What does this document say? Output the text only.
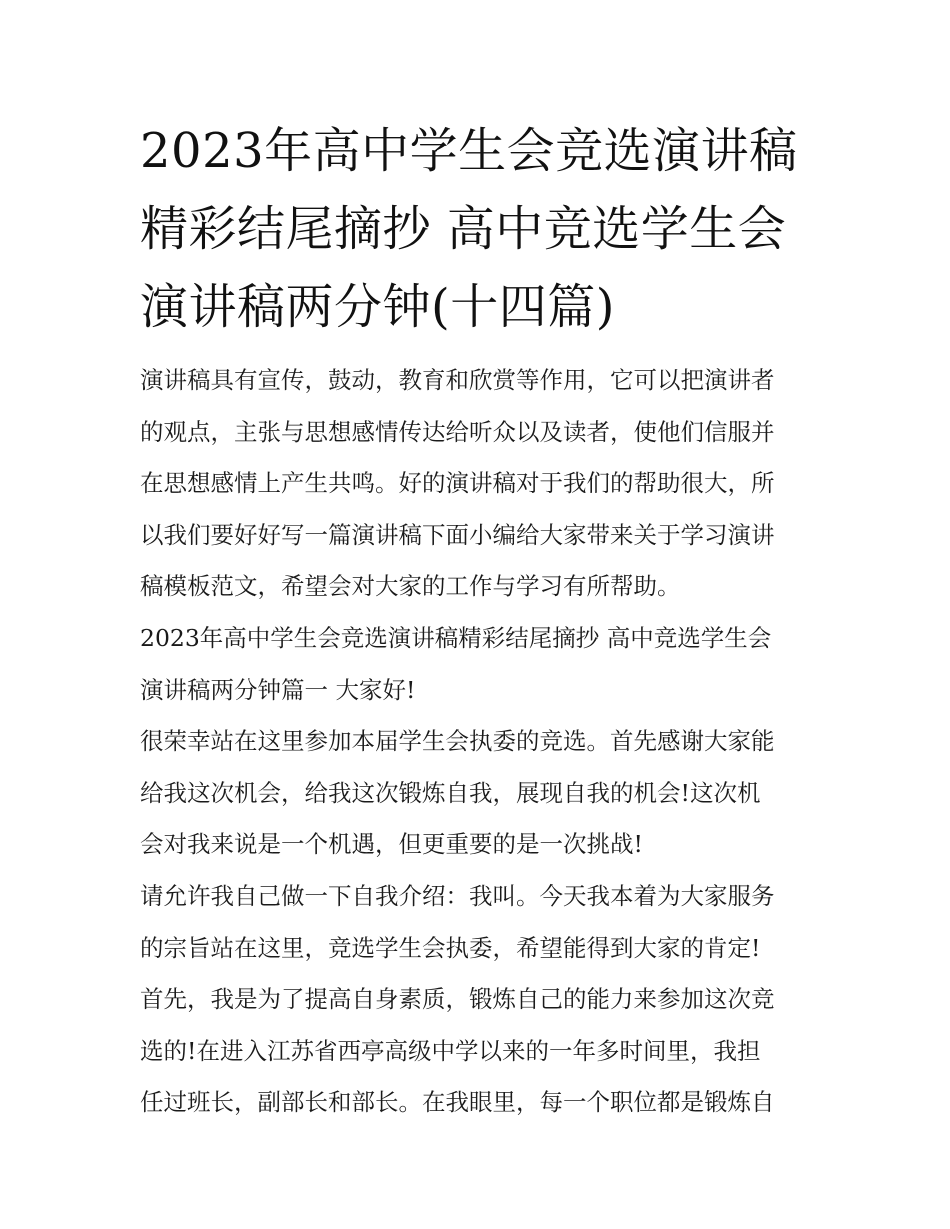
2023年高中学生会竞选演讲稿
精彩结尾摘抄 高中竞选学生会
演讲稿两分钟(十四篇)
演讲稿具有宣传，鼓动，教育和欣赏等作用，它可以把演讲者
的观点，主张与思想感情传达给听众以及读者，使他们信服并
在思想感情上产生共鸣。好的演讲稿对于我们的帮助很大，所
以我们要好好写一篇演讲稿下面小编给大家带来关于学习演讲
稿模板范文，希望会对大家的工作与学习有所帮助。
2023年高中学生会竞选演讲稿精彩结尾摘抄 高中竞选学生会
演讲稿两分钟篇一 大家好!
很荣幸站在这里参加本届学生会执委的竞选。首先感谢大家能
给我这次机会，给我这次锻炼自我，展现自我的机会!这次机
会对我来说是一个机遇，但更重要的是一次挑战!
请允许我自己做一下自我介绍：我叫。今天我本着为大家服务
的宗旨站在这里，竞选学生会执委，希望能得到大家的肯定!
首先，我是为了提高自身素质，锻炼自己的能力来参加这次竞
选的!在进入江苏省西亭高级中学以来的一年多时间里，我担
任过班长，副部长和部长。在我眼里，每一个职位都是锻炼自
